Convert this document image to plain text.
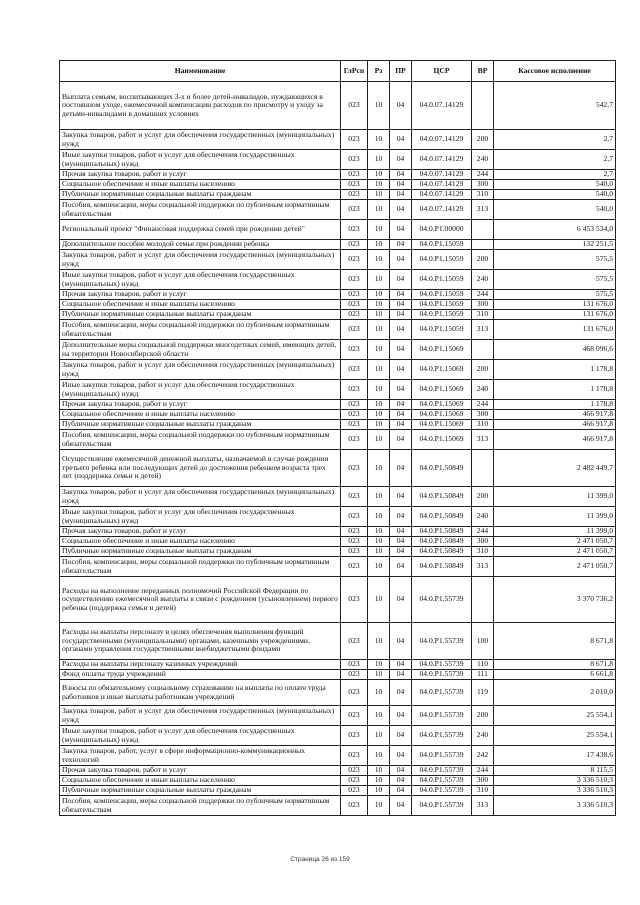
Наименование	ГлРсп	Рз	ПР	ЦСР	ВР	Кассовое исполнение
Выплата семьям, воспитывающих 3-х и более детей-инвалидов, нуждающихся в постоянном уходе, ежемесячной компенсации расходов по присмотру и уходу за детьми-инвалидами в домашних условиях	023	10	04	04.0.07.14129		542,7
Закупка товаров, работ и услуг для обеспечения государственных (муниципальных) нужд	023	10	04	04.0.07.14129	200	2,7
Иные закупки товаров, работ и услуг для обеспечения государственных (муниципальных) нужд	023	10	04	04.0.07.14129	240	2,7
Прочая закупка товаров, работ и услуг	023	10	04	04.0.07.14129	244	2,7
Социальное обеспечение и иные выплаты населению	023	10	04	04.0.07.14129	300	540,0
Публичные нормативные социальные выплаты гражданам	023	10	04	04.0.07.14129	310	540,0
Пособия, компенсации, меры социальной поддержки по публичным нормативным обязательствам	023	10	04	04.0.07.14129	313	540,0
Региональный проект "Финансовая поддержка семей при рождении детей"	023	10	04	04.0.P1.00000		6 453 534,0
Дополнительное пособие молодой семье при рождении ребенка	023	10	04	04.0.P1.15059		132 251,5
Закупка товаров, работ и услуг для обеспечения государственных (муниципальных) нужд	023	10	04	04.0.P1.15059	200	575,5
Иные закупки товаров, работ и услуг для обеспечения государственных (муниципальных) нужд	023	10	04	04.0.P1.15059	240	575,5
Прочая закупка товаров, работ и услуг	023	10	04	04.0.P1.15059	244	575,5
Социальное обеспечение и иные выплаты населению	023	10	04	04.0.P1.15059	300	131 676,0
Публичные нормативные социальные выплаты гражданам	023	10	04	04.0.P1.15059	310	131 676,0
Пособия, компенсации, меры социальной поддержки по публичным нормативным обязательствам	023	10	04	04.0.P1.15059	313	131 676,0
Дополнительные меры социальной поддержки многодетных семей, имеющих детей, на территории Новосибирской области	023	10	04	04.0.P1.15069		468 096,6
Закупка товаров, работ и услуг для обеспечения государственных (муниципальных) нужд	023	10	04	04.0.P1.15069	200	1 178,8
Иные закупки товаров, работ и услуг для обеспечения государственных (муниципальных) нужд	023	10	04	04.0.P1.15069	240	1 178,8
Прочая закупка товаров, работ и услуг	023	10	04	04.0.P1.15069	244	1 178,8
Социальное обеспечение и иные выплаты населению	023	10	04	04.0.P1.15069	300	466 917,8
Публичные нормативные социальные выплаты гражданам	023	10	04	04.0.P1.15069	310	466 917,8
Пособия, компенсации, меры социальной поддержки по публичным нормативным обязательствам	023	10	04	04.0.P1.15069	313	466 917,8
Осуществление ежемесячной денежной выплаты, назначаемой в случае рождения третьего ребенка или последующих детей до достижения ребенком возраста трех лет (поддержка семьи и детей)	023	10	04	04.0.P1.50849		2 482 449,7
Закупка товаров, работ и услуг для обеспечения государственных (муниципальных) нужд	023	10	04	04.0.P1.50849	200	11 399,0
Иные закупки товаров, работ и услуг для обеспечения государственных (муниципальных) нужд	023	10	04	04.0.P1.50849	240	11 399,0
Прочая закупка товаров, работ и услуг	023	10	04	04.0.P1.50849	244	11 399,0
Социальное обеспечение и иные выплаты населению	023	10	04	04.0.P1.50849	300	2 471 050,7
Публичные нормативные социальные выплаты гражданам	023	10	04	04.0.P1.50849	310	2 471 050,7
Пособия, компенсации, меры социальной поддержки по публичным нормативным обязательствам	023	10	04	04.0.P1.50849	313	2 471 050,7
Расходы на выполнение переданных полномочий Российской Федерации по осуществлению ежемесячной выплаты в связи с рождением (усыновлением) первого ребенка (поддержка семьи и детей)	023	10	04	04.0.P1.55739		3 370 736,2
Расходы на выплаты персоналу в целях обеспечения выполнения функций государственными (муниципальными) органами, казенными учреждениями, органами управления государственными внебюджетными фондами	023	10	04	04.0.P1.55739	100	8 671,8
Расходы на выплаты персоналу казенных учреждений	023	10	04	04.0.P1.55739	110	8 671,8
Фонд оплаты труда учреждений	023	10	04	04.0.P1.55739	111	6 661,8
Взносы по обязательному социальному страхованию на выплаты по оплате труда работников и иные выплаты работникам учреждений	023	10	04	04.0.P1.55739	119	2 010,0
Закупка товаров, работ и услуг для обеспечения государственных (муниципальных) нужд	023	10	04	04.0.P1.55739	200	25 554,1
Иные закупки товаров, работ и услуг для обеспечения государственных (муниципальных) нужд	023	10	04	04.0.P1.55739	240	25 554,1
Закупка товаров, работ, услуг в сфере информационно-коммуникационных технологий	023	10	04	04.0.P1.55739	242	17 438,6
Прочая закупка товаров, работ и услуг	023	10	04	04.0.P1.55739	244	8 115,5
Социальное обеспечение и иные выплаты населению	023	10	04	04.0.P1.55739	300	3 336 510,3
Публичные нормативные социальные выплаты гражданам	023	10	04	04.0.P1.55739	310	3 336 510,3
Пособия, компенсации, меры социальной поддержки по публичным нормативным обязательствам	023	10	04	04.0.P1.55739	313	3 336 510,3
Страница 26 из 159
